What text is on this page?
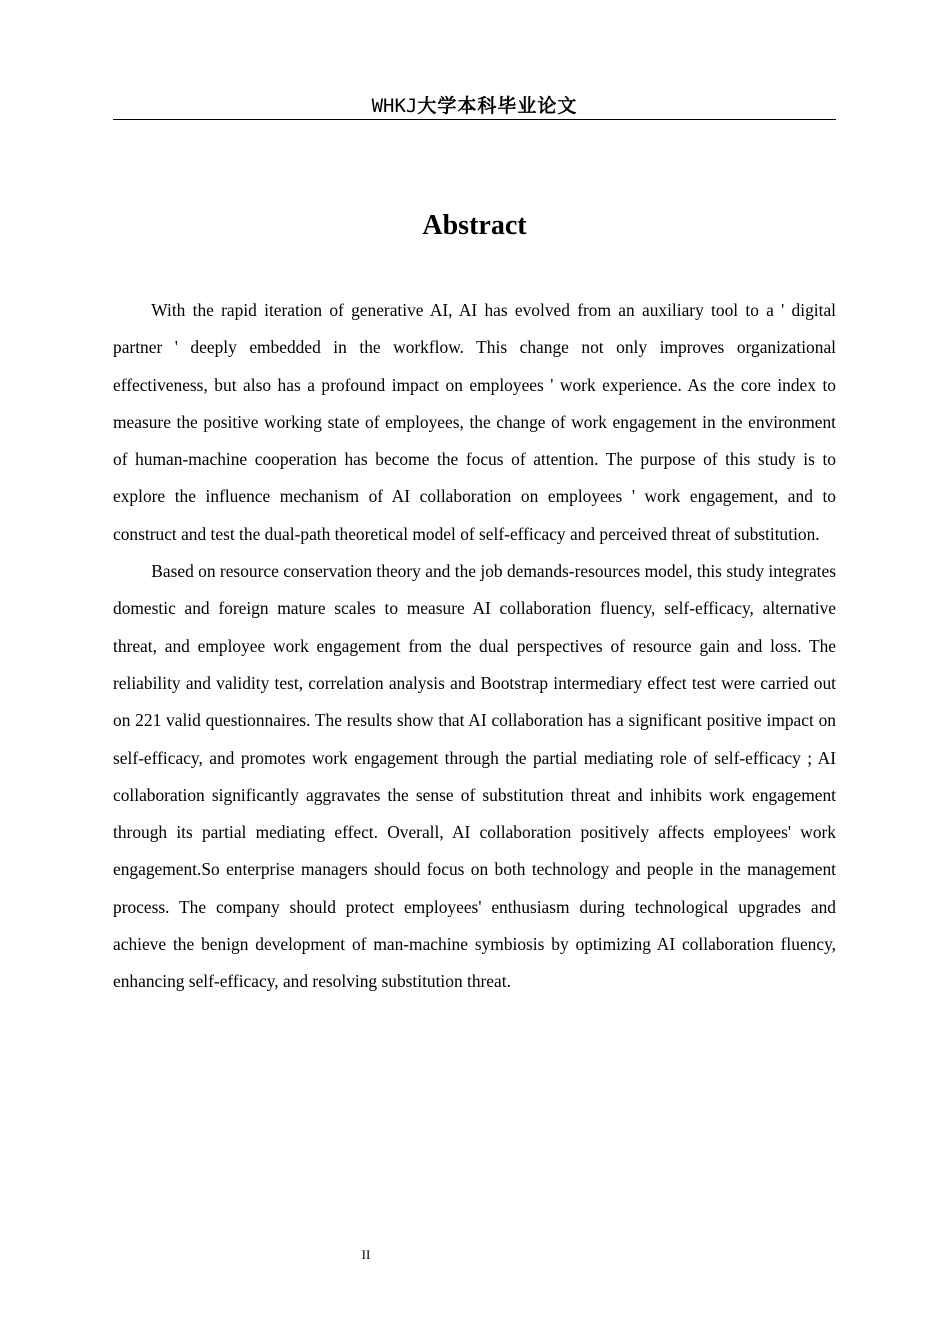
WHKJ大学本科毕业论文
Abstract

With the rapid iteration of generative AI, AI has evolved from an auxiliary tool to a ' digital partner ' deeply embedded in the workflow. This change not only improves organizational effectiveness, but also has a profound impact on employees ' work experience. As the core index to measure the positive working state of employees, the change of work engagement in the environment of human-machine cooperation has become the focus of attention. The purpose of this study is to explore the influence mechanism of AI collaboration on employees ' work engagement, and to construct and test the dual-path theoretical model of self-efficacy and perceived threat of substitution.

Based on resource conservation theory and the job demands-resources model, this study integrates domestic and foreign mature scales to measure AI collaboration fluency, self-efficacy, alternative threat, and employee work engagement from the dual perspectives of resource gain and loss. The reliability and validity test, correlation analysis and Bootstrap intermediary effect test were carried out on 221 valid questionnaires. The results show that AI collaboration has a significant positive impact on self-efficacy, and promotes work engagement through the partial mediating role of self-efficacy ; AI collaboration significantly aggravates the sense of substitution threat and inhibits work engagement through its partial mediating effect. Overall, AI collaboration positively affects employees' work engagement.So enterprise managers should focus on both technology and people in the management process. The company should protect employees' enthusiasm during technological upgrades and achieve the benign development of man-machine symbiosis by optimizing AI collaboration fluency, enhancing self-efficacy, and resolving substitution threat.

II
